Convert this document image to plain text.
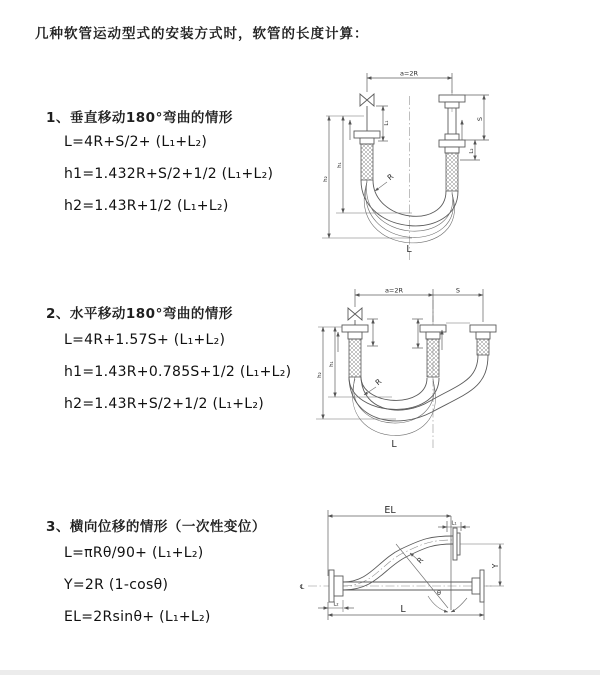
几种软管运动型式的安装方式时，软管的长度计算：
1、垂直移动180°弯曲的情形
L=4R+S/2+ (L₁+L₂)
h1=1.432R+S/2+1/2 (L₁+L₂)
h2=1.43R+1/2 (L₁+L₂)
2、水平移动180°弯曲的情形
L=4R+1.57S+ (L₁+L₂)
h1=1.43R+0.785S+1/2 (L₁+L₂)
h2=1.43R+S/2+1/2 (L₁+L₂)
3、横向位移的情形（一次性变位）
L=πRθ/90+ (L₁+L₂)
Y=2R (1-cosθ)
EL=2Rsinθ+ (L₁+L₂)
a=2R
L₁
S
L₂
h₁
h₂	R
L
a=2R	S
h₁
h₂
R
L
℄
EL
L₁
Y
L
L₂
θ
R
